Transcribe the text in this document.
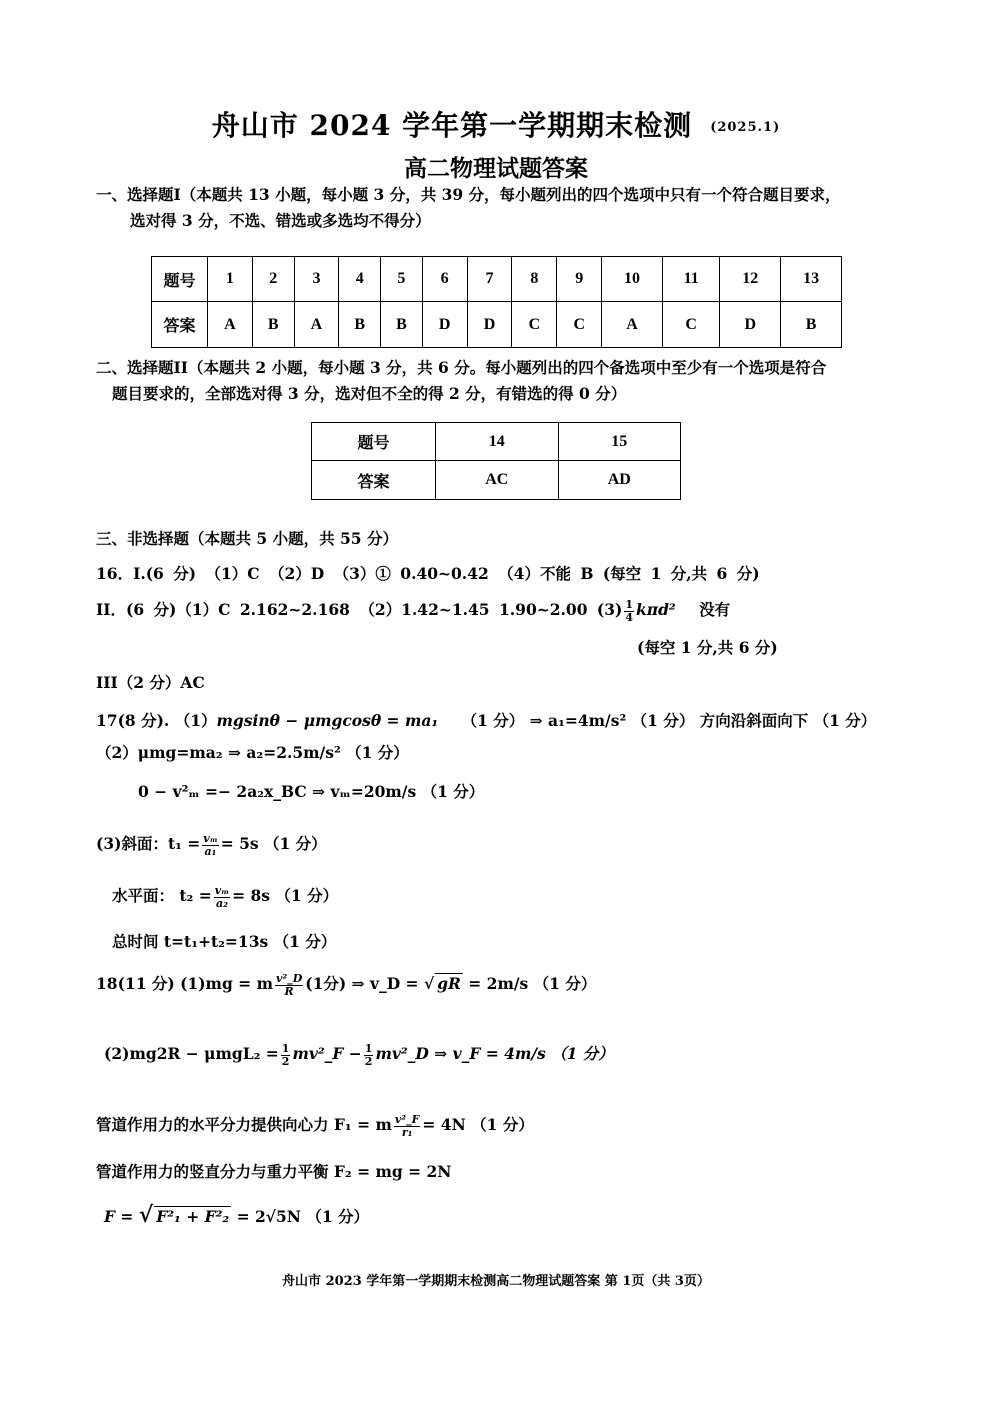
舟山市 2024 学年第一学期期末检测 (2025.1)
高二物理试题答案
一、选择题I（本题共 13 小题，每小题 3 分，共 39 分，每小题列出的四个选项中只有一个符合题目要求，
选对得 3 分，不选、错选或多选均不得分）
题号	1	2	3	4	5	6	7	8	9	10	11	12	13
答案	A	B	A	B	B	D	D	C	C	A	C	D	B
二、选择题II（本题共 2 小题，每小题 3 分，共 6 分。每小题列出的四个备选项中至少有一个选项是符合
题目要求的，全部选对得 3 分，选对但不全的得 2 分，有错选的得 0 分）
题号	14	15
答案	AC	AD
三、非选择题（本题共 5 小题，共 55 分）
16．I.(6 分) （1）C （2）D （3）① 0.40~0.42 （4）不能 B (每空 1 分,共 6 分)
II．(6 分)（1）C 2.162~2.168 （2）1.42~1.45 1.90~2.00 $(3) \frac{1}{4} k\pi d^2$ 没有
(每空 1 分,共 6 分)
III（2 分）AC
17(8 分). （1）mgsinθ − μmgcosθ = ma₁ （1 分） ⇒ a₁=4m/s² （1 分） 方向沿斜面向下 （1 分）
（2）μmg=ma₂ ⇒ a₂=2.5m/s² （1 分）
0 − v²ₘ =− 2a₂x_BC ⇒ vₘ=20m/s （1 分）
(3)斜面：$t_1 = \frac{\text{vₘ}}{\text{a₁}} = 5s$ （1 分）
水平面： $t_2 = \frac{\text{vₘ}}{\text{a₂}} = 8s$ （1 分）
总时间 t=t₁+t₂=13s （1 分）
18(11 分) (1)mg = m $\frac{\text{v²\_D}}{R} (1$分) ⇒ v_D = √ gR = 2m/s （1 分）
$(2)mg2R - \mu mgL_2 = \frac{1}{2}$ mv²_F − $\frac{1}{2}$ mv²_D ⇒ v_F = 4m/s （1 分）
管道作用力的水平分力提供向心力 F₁ = m $\frac{\text{v²\_F}}{\text{r₁}} = 4N$ （1 分）
管道作用力的竖直分力与重力平衡 F₂ = mg = 2N
F = √ F²₁ + F²₂ = 2√5N （1 分）
舟山市 2023 学年第一学期期末检测高二物理试题答案 第 1页（共 3页）
